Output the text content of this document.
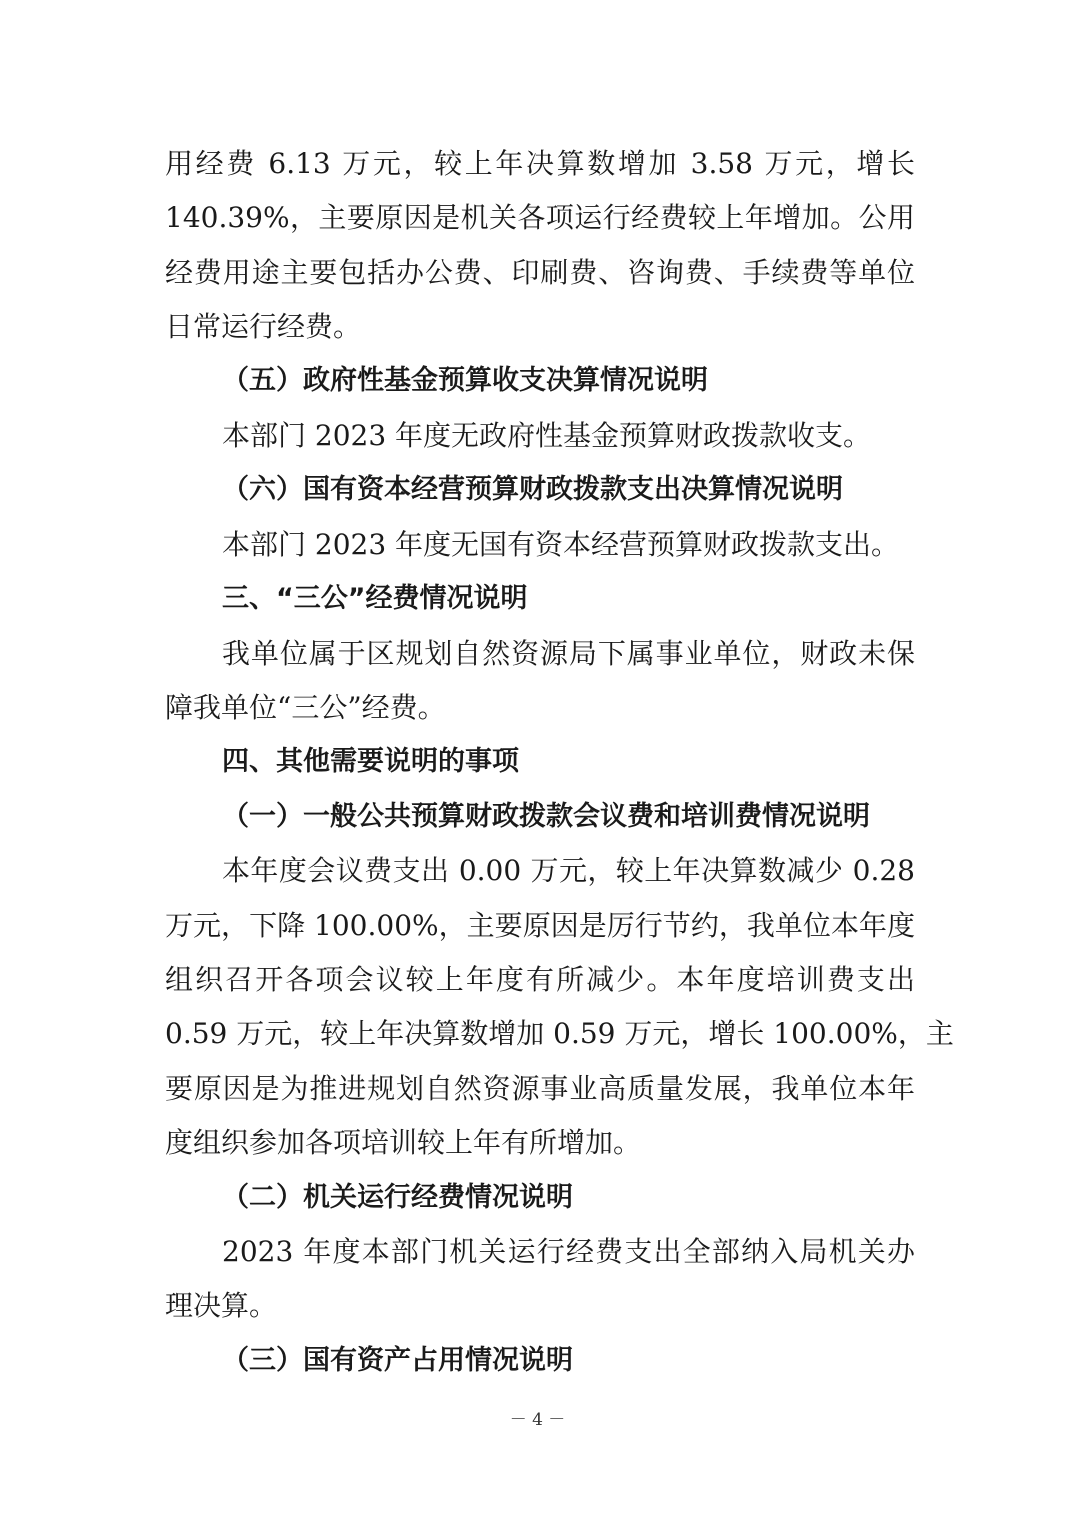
用经费 6.13 万元，较上年决算数增加 3.58 万元，增长
140.39%，主要原因是机关各项运行经费较上年增加。公用
经费用途主要包括办公费、印刷费、咨询费、手续费等单位
日常运行经费。
（五）政府性基金预算收支决算情况说明
本部门 2023 年度无政府性基金预算财政拨款收支。
（六）国有资本经营预算财政拨款支出决算情况说明
本部门 2023 年度无国有资本经营预算财政拨款支出。
三、“三公”经费情况说明
我单位属于区规划自然资源局下属事业单位，财政未保
障我单位“三公”经费。
四、其他需要说明的事项
（一）一般公共预算财政拨款会议费和培训费情况说明
本年度会议费支出 0.00 万元，较上年决算数减少 0.28
万元，下降 100.00%，主要原因是厉行节约，我单位本年度
组织召开各项会议较上年度有所减少。本年度培训费支出
0.59 万元，较上年决算数增加 0.59 万元，增长 100.00%，主
要原因是为推进规划自然资源事业高质量发展，我单位本年
度组织参加各项培训较上年有所增加。
（二）机关运行经费情况说明
2023 年度本部门机关运行经费支出全部纳入局机关办
理决算。
（三）国有资产占用情况说明
－ 4 －
